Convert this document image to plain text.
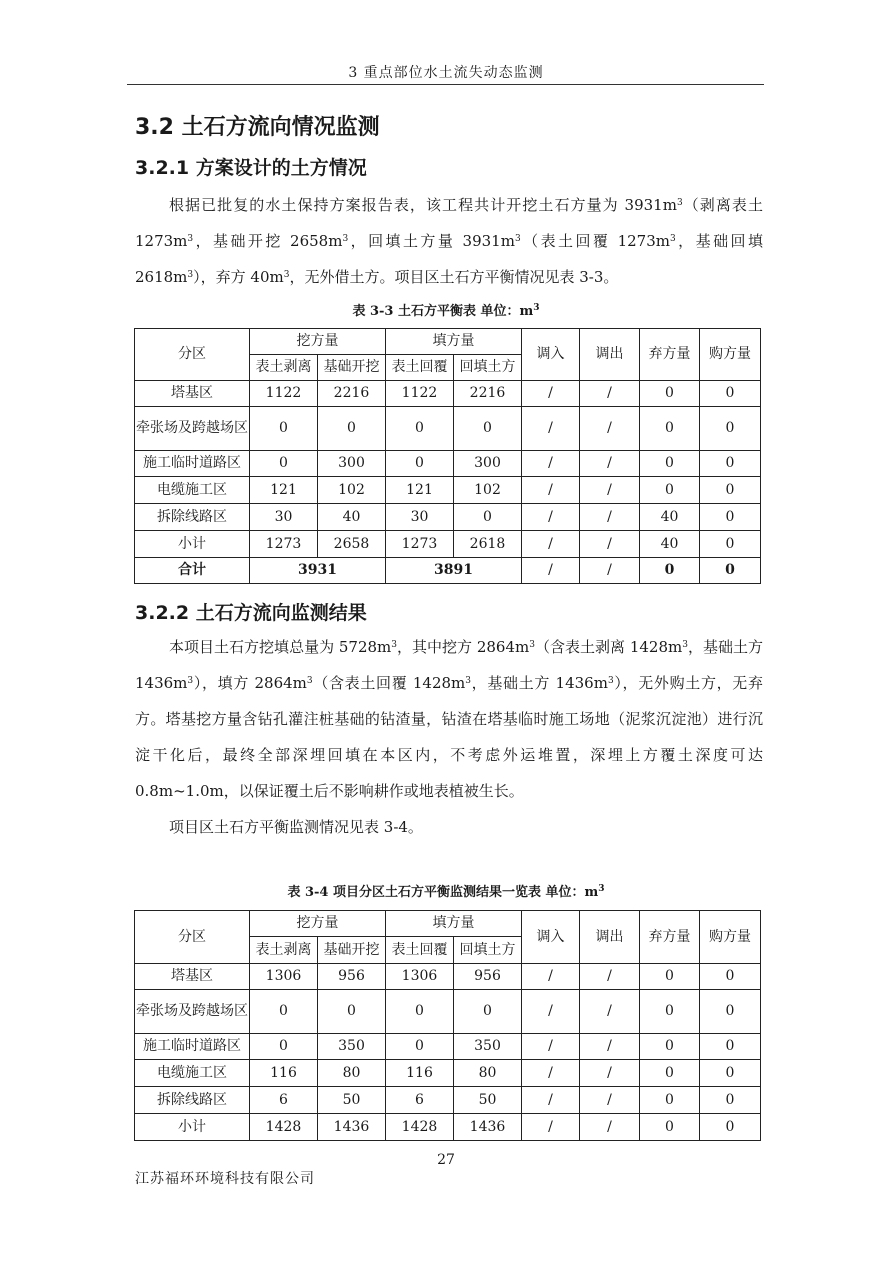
3 重点部位水土流失动态监测
3.2 土石方流向情况监测
3.2.1 方案设计的土方情况

根据已批复的水土保持方案报告表，该工程共计开挖土石方量为 $3931m^3$（剥离表土 $1273m^3$，基础开挖 $2658m^3$，回填土方量 $3931m^3$（表土回覆 $1273m^3$，基础回填 $2618m^3$），弃方 $40m^3$，无外借土方。项目区土石方平衡情况见表 3-3。

表 3-3 土石方平衡表 单位：$m^3$
分区	挖方量		填方量		调入	调出	弃方量	购方量
	表土剥离	基础开挖	表土回覆	回填土方				
塔基区	1122	2216	1122	2216	/	/	0	0
牵张场及跨越场区	0	0	0	0	/	/	0	0
施工临时道路区	0	300	0	300	/	/	0	0
电缆施工区	121	102	121	102	/	/	0	0
拆除线路区	30	40	30	0	/	/	40	0
小计	1273	2658	1273	2618	/	/	40	0
合计	3931		3891		/	/	0	0
3.2.2 土石方流向监测结果

本项目土石方挖填总量为 $5728m^3$，其中挖方 $2864m^3$（含表土剥离 $1428m^3$，基础土方 $1436m^3$），填方 $2864m^3$（含表土回覆 $1428m^3$，基础土方 $1436m^3$），无外购土方，无弃方。塔基挖方量含钻孔灌注桩基础的钻渣量，钻渣在塔基临时施工场地（泥浆沉淀池）进行沉淀干化后，最终全部深埋回填在本区内，不考虑外运堆置，深埋上方覆土深度可达 0.8m~1.0m，以保证覆土后不影响耕作或地表植被生长。

项目区土石方平衡监测情况见表 3-4。

表 3-4 项目分区土石方平衡监测结果一览表 单位：$m^3$
分区	挖方量		填方量		调入	调出	弃方量	购方量
	表土剥离	基础开挖	表土回覆	回填土方				
塔基区	1306	956	1306	956	/	/	0	0
牵张场及跨越场区	0	0	0	0	/	/	0	0
施工临时道路区	0	350	0	350	/	/	0	0
电缆施工区	116	80	116	80	/	/	0	0
拆除线路区	6	50	6	50	/	/	0	0
小计	1428	1436	1428	1436	/	/	0	0
27
江苏福环环境科技有限公司
